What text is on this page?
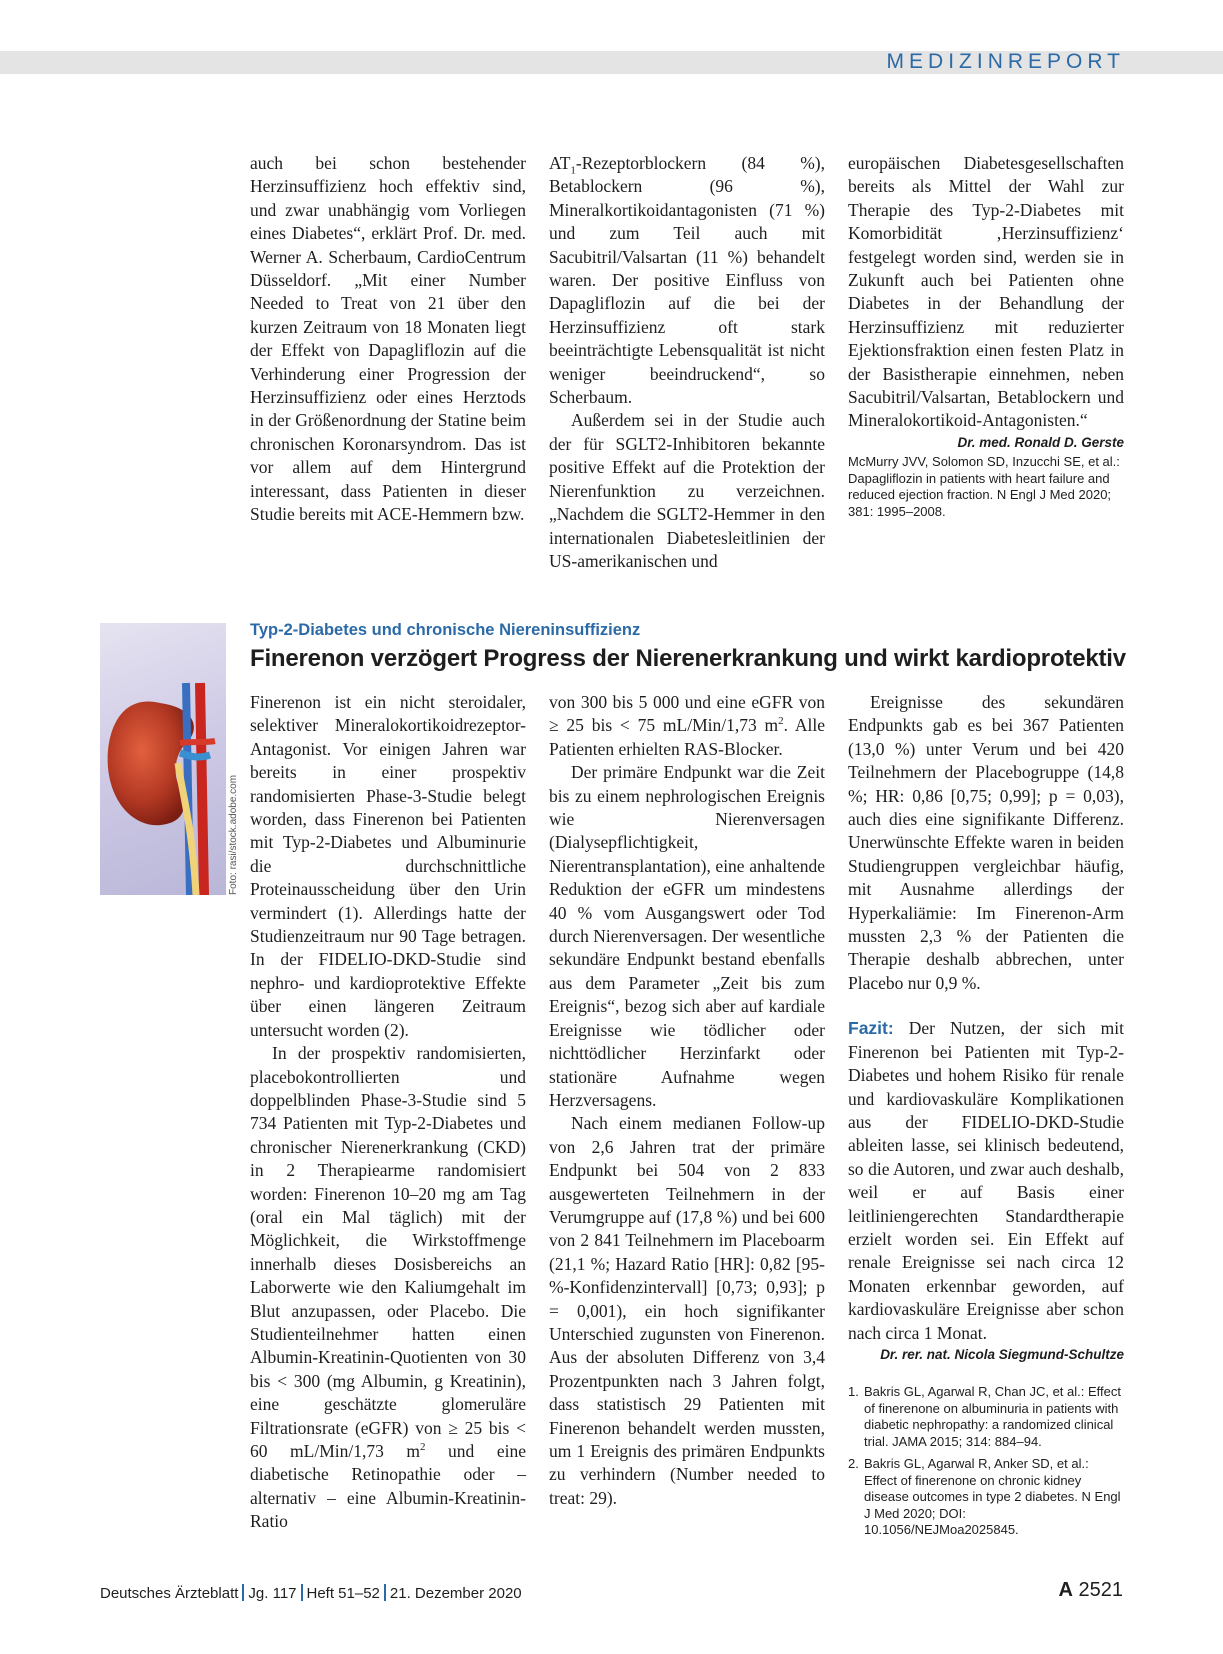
MEDIZINREPORT

auch bei schon bestehender Herzinsuffizienz hoch effektiv sind, und zwar unabhängig vom Vorliegen eines Diabetes“, erklärt Prof. Dr. med. Werner A. Scherbaum, CardioCentrum Düsseldorf. „Mit einer Number Needed to Treat von 21 über den kurzen Zeitraum von 18 Monaten liegt der Effekt von Dapagliflozin auf die Verhinderung einer Progression der Herzinsuffizienz oder eines Herztods in der Größenordnung der Statine beim chronischen Koronarsyndrom. Das ist vor allem auf dem Hintergrund interessant, dass Patienten in dieser Studie bereits mit ACE-Hemmern bzw.

$AT_1$-Rezeptorblockern (84 %), Betablockern (96 %), Mineralkortikoidantagonisten (71 %) und zum Teil auch mit Sacubitril/Valsartan (11 %) behandelt waren. Der positive Einfluss von Dapagliflozin auf die bei der Herzinsuffizienz oft stark beeinträchtigte Lebensqualität ist nicht weniger beeindruckend“, so Scherbaum.

Außerdem sei in der Studie auch der für SGLT2-Inhibitoren bekannte positive Effekt auf die Protektion der Nierenfunktion zu verzeichnen. „Nachdem die SGLT2-Hemmer in den internationalen Diabetesleitlinien der US-amerikanischen und

europäischen Diabetesgesellschaften bereits als Mittel der Wahl zur Therapie des Typ-2-Diabetes mit Komorbidität ‚Herzinsuffizienz‘ festgelegt worden sind, werden sie in Zukunft auch bei Patienten ohne Diabetes in der Behandlung der Herzinsuffizienz mit reduzierter Ejektionsfraktion einen festen Platz in der Basistherapie einnehmen, neben Sacubitril/Valsartan, Betablockern und Mineralokortikoid-Antagonisten.“

Dr. med. Ronald D. Gerste

McMurry JVV, Solomon SD, Inzucchi SE, et al.: Dapagliflozin in patients with heart failure and reduced ejection fraction. N Engl J Med 2020; 381: 1995–2008.

Foto: rasi/stock.adobe.com
Typ-2-Diabetes und chronische Niereninsuffizienz
Finerenon verzögert Progress der Nierenerkrankung und wirkt kardioprotektiv

Finerenon ist ein nicht steroidaler, selektiver Mineralokortikoidrezeptor-Antagonist. Vor einigen Jahren war bereits in einer prospektiv randomisierten Phase-3-Studie belegt worden, dass Finerenon bei Patienten mit Typ-2-Diabetes und Albuminurie die durchschnittliche Proteinausscheidung über den Urin vermindert (1). Allerdings hatte der Studienzeitraum nur 90 Tage betragen. In der FIDELIO-DKD-Studie sind nephro- und kardioprotektive Effekte über einen längeren Zeitraum untersucht worden (2).

In der prospektiv randomisierten, placebokontrollierten und doppelblinden Phase-3-Studie sind 5 734 Patienten mit Typ-2-Diabetes und chronischer Nierenerkrankung (CKD) in 2 Therapiearme randomisiert worden: Finerenon 10–20 mg am Tag (oral ein Mal täglich) mit der Möglichkeit, die Wirkstoffmenge innerhalb dieses Dosisbereichs an Laborwerte wie den Kaliumgehalt im Blut anzupassen, oder Placebo. Die Studienteilnehmer hatten einen Albumin-Kreatinin-Quotienten von 30 bis < 300 (mg Albumin, g Kreatinin), eine geschätzte glomeruläre Filtrationsrate (eGFR) von ≥ 25 bis < 60 mL/Min/1,73 $m^2$ und eine diabetische Retinopathie oder – alternativ – eine Albumin-Kreatinin-Ratio

von 300 bis 5 000 und eine eGFR von ≥ 25 bis < 75 mL/Min/1,73 $m^2$. Alle Patienten erhielten RAS-Blocker.

Der primäre Endpunkt war die Zeit bis zu einem nephrologischen Ereignis wie Nierenversagen (Dialysepflichtigkeit, Nierentransplantation), eine anhaltende Reduktion der eGFR um mindestens 40 % vom Ausgangswert oder Tod durch Nierenversagen. Der wesentliche sekundäre Endpunkt bestand ebenfalls aus dem Parameter „Zeit bis zum Ereignis“, bezog sich aber auf kardiale Ereignisse wie tödlicher oder nichttödlicher Herzinfarkt oder stationäre Aufnahme wegen Herzversagens.

Nach einem medianen Follow-up von 2,6 Jahren trat der primäre Endpunkt bei 504 von 2 833 ausgewerteten Teilnehmern in der Verumgruppe auf (17,8 %) und bei 600 von 2 841 Teilnehmern im Placeboarm (21,1 %; Hazard Ratio [HR]: 0,82 [95-%-Konfidenzintervall] [0,73; 0,93]; p = 0,001), ein hoch signifikanter Unterschied zugunsten von Finerenon. Aus der absoluten Differenz von 3,4 Prozentpunkten nach 3 Jahren folgt, dass statistisch 29 Patienten mit Finerenon behandelt werden mussten, um 1 Ereignis des primären Endpunkts zu verhindern (Number needed to treat: 29).

Ereignisse des sekundären Endpunkts gab es bei 367 Patienten (13,0 %) unter Verum und bei 420 Teilnehmern der Placebogruppe (14,8 %; HR: 0,86 [0,75; 0,99]; p = 0,03), auch dies eine signifikante Differenz. Unerwünschte Effekte waren in beiden Studiengruppen vergleichbar häufig, mit Ausnahme allerdings der Hyperkaliämie: Im Finerenon-Arm mussten 2,3 % der Patienten die Therapie deshalb abbrechen, unter Placebo nur 0,9 %.

Fazit: Der Nutzen, der sich mit Finerenon bei Patienten mit Typ-2-Diabetes und hohem Risiko für renale und kardiovaskuläre Komplikationen aus der FIDELIO-DKD-Studie ableiten lasse, sei klinisch bedeutend, so die Autoren, und zwar auch deshalb, weil er auf Basis einer leitliniengerechten Standardtherapie erzielt worden sei. Ein Effekt auf renale Ereignisse sei nach circa 12 Monaten erkennbar geworden, auf kardiovaskuläre Ereignisse aber schon nach circa 1 Monat.

Dr. rer. nat. Nicola Siegmund-Schultze
1. Bakris GL, Agarwal R, Chan JC, et al.: Effect of finerenone on albuminuria in patients with diabetic nephropathy: a randomized clinical trial. JAMA 2015; 314: 884–94.
2. Bakris GL, Agarwal R, Anker SD, et al.: Effect of finerenone on chronic kidney disease outcomes in type 2 diabetes. N Engl J Med 2020; DOI: 10.1056/NEJMoa2025845.
Deutsches Ärzteblatt Jg. 117 Heft 51–52 21. Dezember 2020	A 2521
